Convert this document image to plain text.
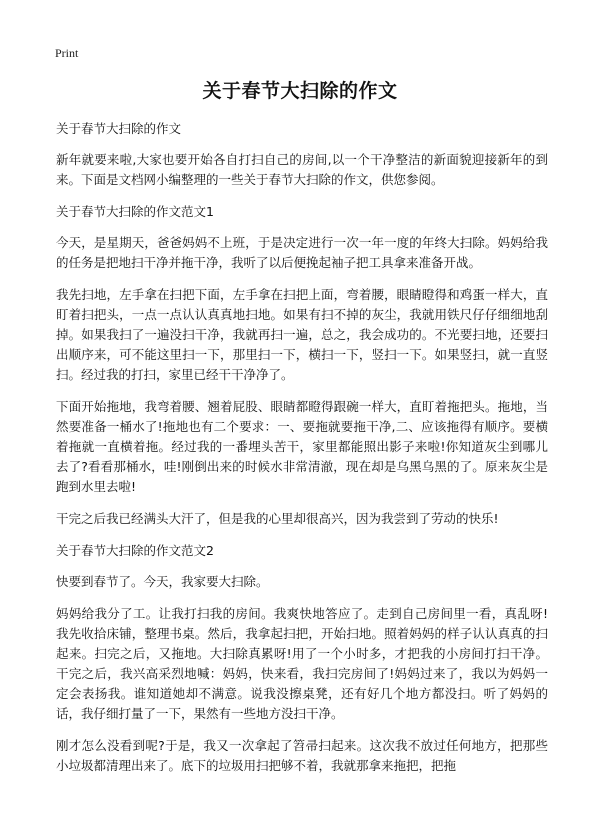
Print
关于春节大扫除的作文

关于春节大扫除的作文

新年就要来啦,大家也要开始各自打扫自己的房间,以一个干净整洁的新面貌迎接新年的到来。下面是文档网小编整理的一些关于春节大扫除的作文，供您参阅。

关于春节大扫除的作文范文1

今天，是星期天，爸爸妈妈不上班，于是决定进行一次一年一度的年终大扫除。妈妈给我的任务是把地扫干净并拖干净，我听了以后便挽起袖子把工具拿来准备开战。

我先扫地，左手拿在扫把下面，左手拿在扫把上面，弯着腰，眼睛瞪得和鸡蛋一样大，直盯着扫把头，一点一点认认真真地扫地。如果有扫不掉的灰尘，我就用铁尺仔仔细细地刮掉。如果我扫了一遍没扫干净，我就再扫一遍，总之，我会成功的。不光要扫地，还要扫出顺序来，可不能这里扫一下，那里扫一下，横扫一下，竖扫一下。如果竖扫，就一直竖扫。经过我的打扫，家里已经干干净净了。

下面开始拖地，我弯着腰、翘着屁股、眼睛都瞪得跟碗一样大，直盯着拖把头。拖地，当然要准备一桶水了!拖地也有二个要求：一、要拖就要拖干净,二、应该拖得有顺序。要横着拖就一直横着拖。经过我的一番埋头苦干，家里都能照出影子来啦!你知道灰尘到哪儿去了?看看那桶水，哇!刚倒出来的时候水非常清澈，现在却是乌黑乌黑的了。原来灰尘是跑到水里去啦!

干完之后我已经满头大汗了，但是我的心里却很高兴，因为我尝到了劳动的快乐!

关于春节大扫除的作文范文2

快要到春节了。今天，我家要大扫除。

妈妈给我分了工。让我打扫我的房间。我爽快地答应了。走到自己房间里一看，真乱呀!我先收拾床铺，整理书桌。然后，我拿起扫把，开始扫地。照着妈妈的样子认认真真的扫起来。扫完之后，又拖地。大扫除真累呀!用了一个小时多，才把我的小房间打扫干净。干完之后，我兴高采烈地喊：妈妈，快来看，我扫完房间了!妈妈过来了，我以为妈妈一定会表扬我。谁知道她却不满意。说我没擦桌凳，还有好几个地方都没扫。听了妈妈的话，我仔细打量了一下，果然有一些地方没扫干净。

刚才怎么没看到呢?于是，我又一次拿起了笤帚扫起来。这次我不放过任何地方，把那些小垃圾都清理出来了。底下的垃圾用扫把够不着，我就那拿来拖把，把拖
